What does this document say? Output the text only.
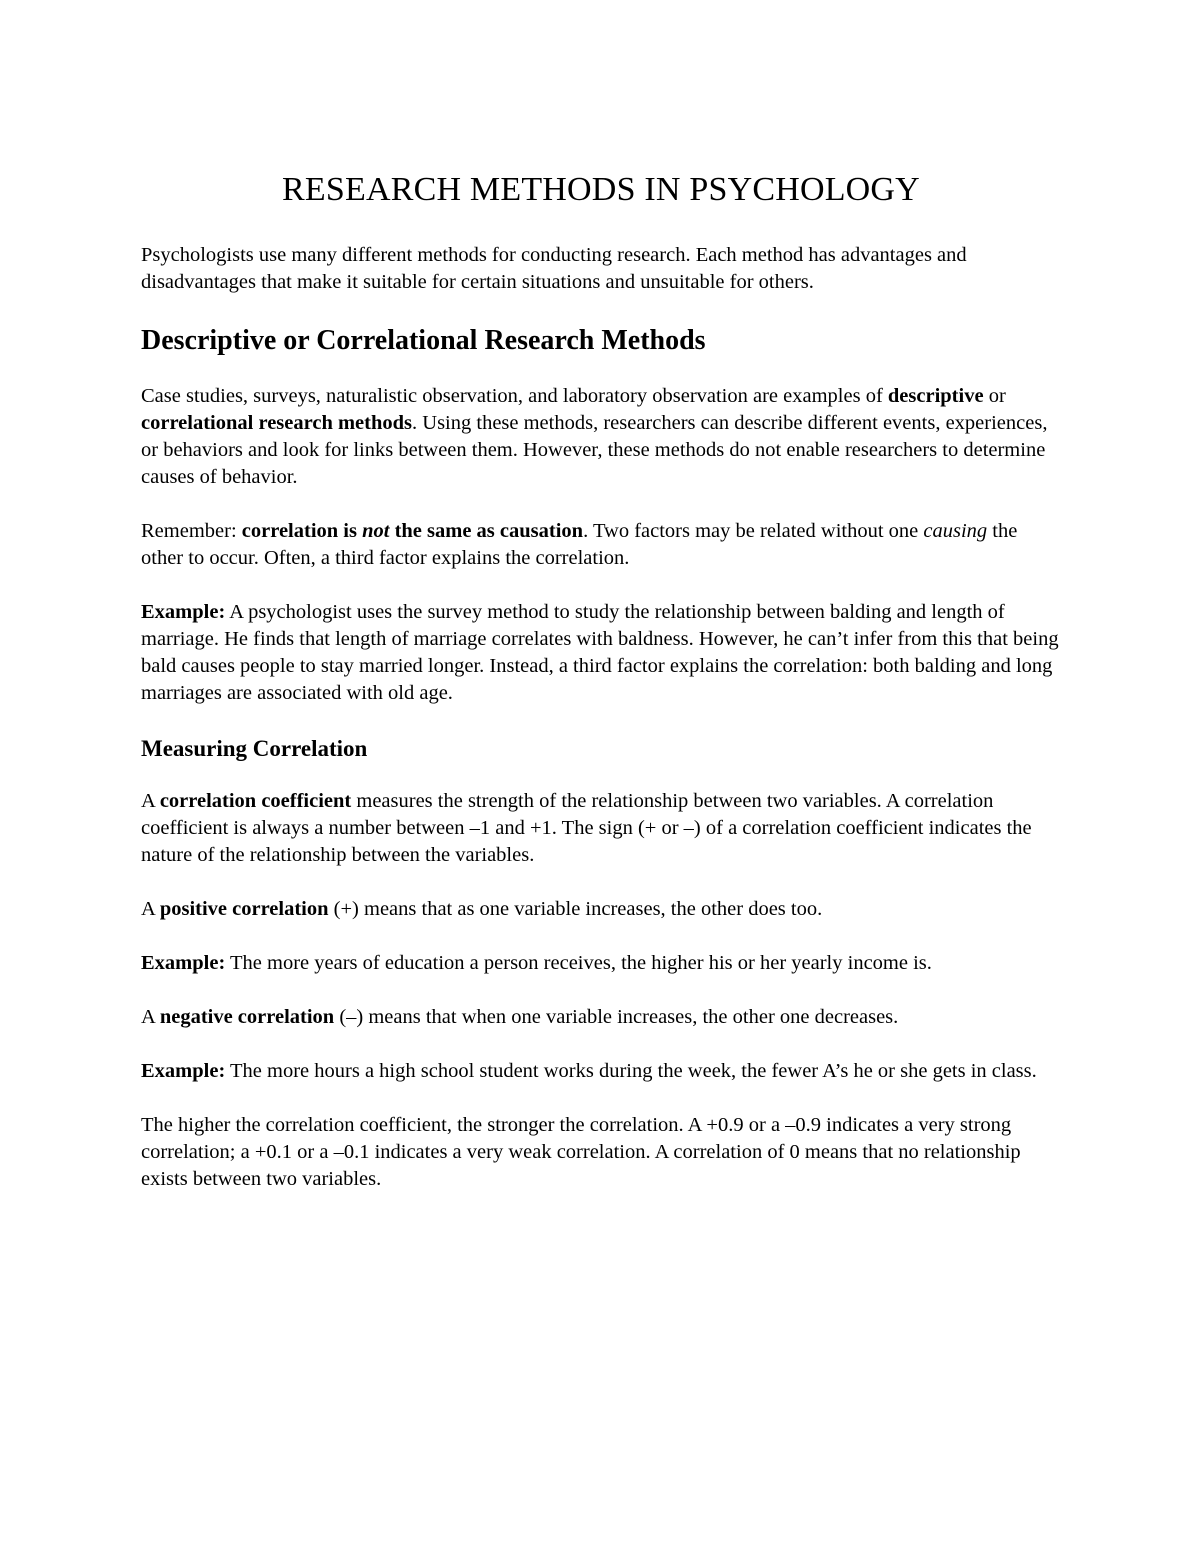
RESEARCH METHODS IN PSYCHOLOGY

Psychologists use many different methods for conducting research. Each method has advantages and disadvantages that make it suitable for certain situations and unsuitable for others.

Descriptive or Correlational Research Methods

Case studies, surveys, naturalistic observation, and laboratory observation are examples of descriptive or correlational research methods. Using these methods, researchers can describe different events, experiences, or behaviors and look for links between them. However, these methods do not enable researchers to determine causes of behavior.

Remember: correlation is not the same as causation. Two factors may be related without one causing the other to occur. Often, a third factor explains the correlation.

Example: A psychologist uses the survey method to study the relationship between balding and length of marriage. He finds that length of marriage correlates with baldness. However, he can’t infer from this that being bald causes people to stay married longer. Instead, a third factor explains the correlation: both balding and long marriages are associated with old age.

Measuring Correlation

A correlation coefficient measures the strength of the relationship between two variables. A correlation coefficient is always a number between –1 and +1. The sign (+ or –) of a correlation coefficient indicates the nature of the relationship between the variables.

A positive correlation (+) means that as one variable increases, the other does too.

Example: The more years of education a person receives, the higher his or her yearly income is.

A negative correlation (–) means that when one variable increases, the other one decreases.

Example: The more hours a high school student works during the week, the fewer A’s he or she gets in class.

The higher the correlation coefficient, the stronger the correlation. A +0.9 or a –0.9 indicates a very strong correlation; a +0.1 or a –0.1 indicates a very weak correlation. A correlation of 0 means that no relationship exists between two variables.
